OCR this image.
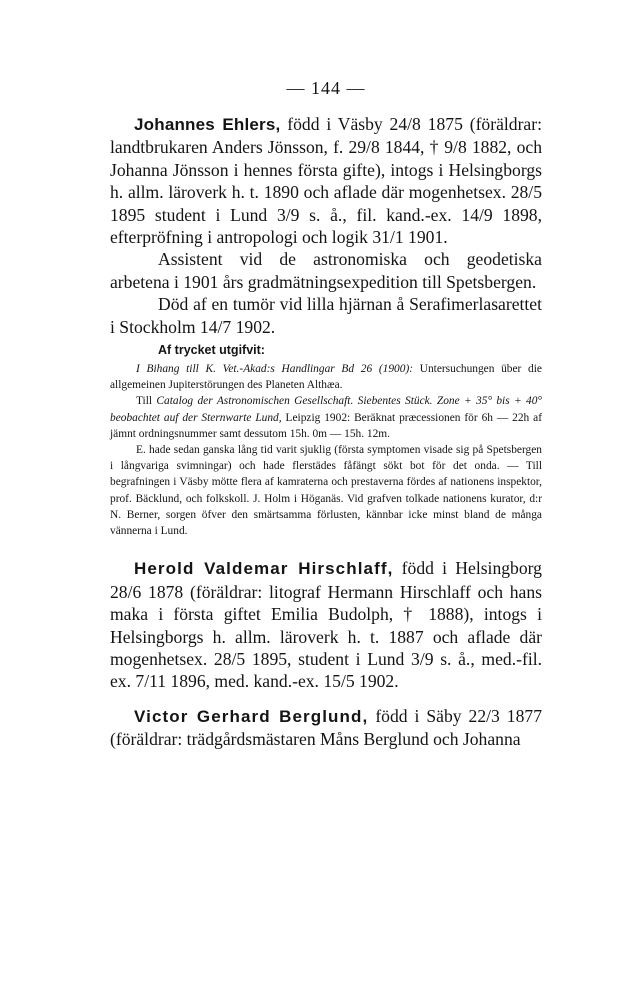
— 144 —

Johannes Ehlers, född i Väsby 24/8 1875 (föräldrar: landtbrukaren Anders Jönsson, f. 29/8 1844, † 9/8 1882, och Johanna Jönsson i hennes första gifte), intogs i Helsingborgs h. allm. läroverk h. t. 1890 och aflade där mogenhetsex. 28/5 1895 student i Lund 3/9 s. å., fil. kand.-ex. 14/9 1898, efterpröfning i antropologi och logik 31/1 1901.

Assistent vid de astronomiska och geodetiska arbetena i 1901 års gradmätningsexpedition till Spetsbergen.

Död af en tumör vid lilla hjärnan å Serafimerlasarettet i Stockholm 14/7 1902.

Af trycket utgifvit:

I Bihang till K. Vet.-Akad:s Handlingar Bd 26 (1900): Untersuchungen über die allgemeinen Jupiterstörungen des Planeten Althæa.

Till Catalog der Astronomischen Gesellschaft. Siebentes Stück. Zone + 35° bis + 40° beobachtet auf der Sternwarte Lund, Leipzig 1902: Beräknat præcessionen för 6h — 22h af jämnt ordningsnummer samt dessutom 15h. 0m — 15h. 12m.

E. hade sedan ganska lång tid varit sjuklig (första symptomen visade sig på Spetsbergen i långvariga svimningar) och hade flerstädes fåfängt sökt bot för det onda. — Till begrafningen i Väsby mötte flera af kamraterna och prestaverna fördes af nationens inspektor, prof. Bäcklund, och folkskoll. J. Holm i Höganäs. Vid grafven tolkade nationens kurator, d:r N. Berner, sorgen öfver den smärtsamma förlusten, kännbar icke minst bland de många vännerna i Lund.

Herold Valdemar Hirschlaff, född i Helsingborg 28/6 1878 (föräldrar: litograf Hermann Hirschlaff och hans maka i första giftet Emilia Budolph, † 1888), intogs i Helsingborgs h. allm. läroverk h. t. 1887 och aflade där mogenhetsex. 28/5 1895, student i Lund 3/9 s. å., med.-fil. ex. 7/11 1896, med. kand.-ex. 15/5 1902.

Victor Gerhard Berglund, född i Säby 22/3 1877 (föräldrar: trädgårdsmästaren Måns Berglund och Johanna
